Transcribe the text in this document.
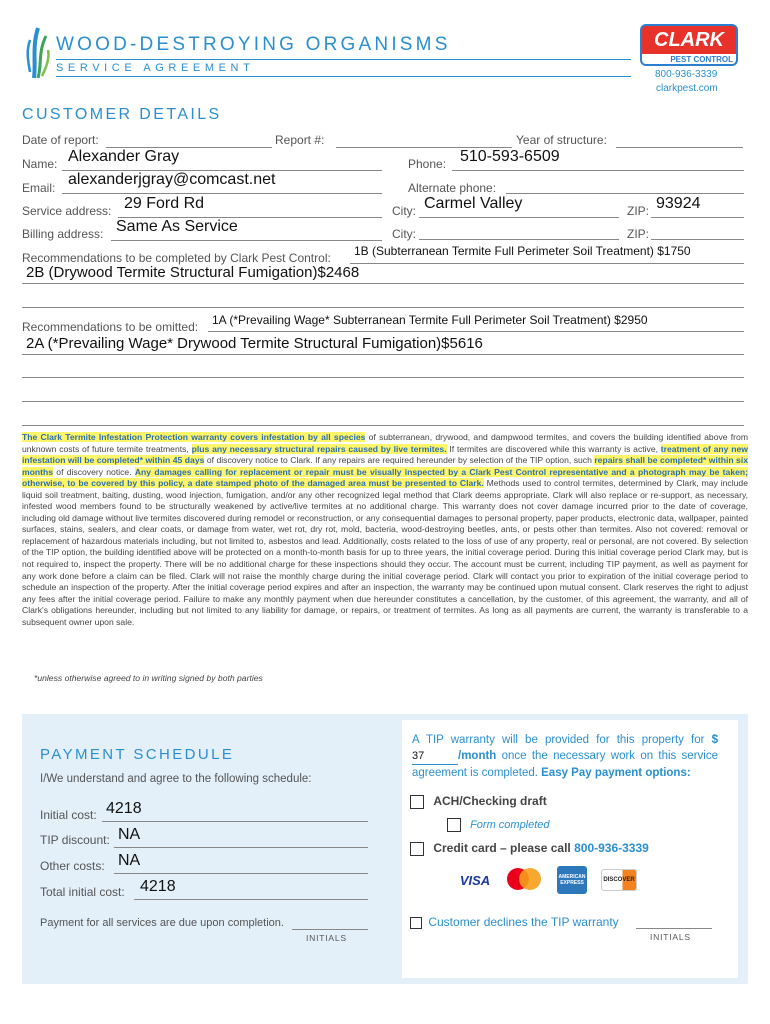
WOOD-DESTROYING ORGANISMS
SERVICE AGREEMENT
CLARK
PEST CONTROL
800-936-3339
clarkpest.com
CUSTOMER DETAILS
Date of report:	Report #:	Year of structure:
Name: Alexander Gray	Phone: 510-593-6509
Email: alexanderjgray@comcast.net	Alternate phone:
Service address: 29 Ford Rd	City: Carmel Valley	ZIP: 93924
Billing address: Same As Service	City:	ZIP:
Recommendations to be completed by Clark Pest Control: 1B (Subterranean Termite Full Perimeter Soil Treatment) $1750
2B (Drywood Termite Structural Fumigation)$2468
Recommendations to be omitted: 1A (*Prevailing Wage* Subterranean Termite Full Perimeter Soil Treatment) $2950
2A (*Prevailing Wage* Drywood Termite Structural Fumigation)$5616
The Clark Termite Infestation Protection warranty covers infestation by all species of subterranean, drywood, and dampwood termites, and covers the building identified above from unknown costs of future termite treatments, plus any necessary structural repairs caused by live termites. If termites are discovered while this warranty is active, treatment of any new infestation will be completed* within 45 days of discovery notice to Clark. If any repairs are required hereunder by selection of the TIP option, such repairs shall be completed* within six months of discovery notice. Any damages calling for replacement or repair must be visually inspected by a Clark Pest Control representative and a photograph may be taken; otherwise, to be covered by this policy, a date stamped photo of the damaged area must be presented to Clark. Methods used to control termites, determined by Clark, may include liquid soil treatment, baiting, dusting, wood injection, fumigation, and/or any other recognized legal method that Clark deems appropriate. Clark will also replace or re-support, as necessary, infested wood members found to be structurally weakened by active/live termites at no additional charge. This warranty does not cover damage incurred prior to the date of coverage, including old damage without live termites discovered during remodel or reconstruction, or any consequential damages to personal property, paper products, electronic data, wallpaper, painted surfaces, stains, sealers, and clear coats, or damage from water, wet rot, dry rot, mold, bacteria, wood-destroying beetles, ants, or pests other than termites. Also not covered: removal or replacement of hazardous materials including, but not limited to, asbestos and lead. Additionally, costs related to the loss of use of any property, real or personal, are not covered. By selection of the TIP option, the building identified above will be protected on a month-to-month basis for up to three years, the initial coverage period. During this initial coverage period Clark may, but is not required to, inspect the property. There will be no additional charge for these inspections should they occur. The account must be current, including TIP payment, as well as payment for any work done before a claim can be filed. Clark will not raise the monthly charge during the initial coverage period. Clark will contact you prior to expiration of the initial coverage period to schedule an inspection of the property. After the initial coverage period expires and after an inspection, the warranty may be continued upon mutual consent. Clark reserves the right to adjust any fees after the initial coverage period. Failure to make any monthly payment when due hereunder constitutes a cancellation, by the customer, of this agreement, the warranty, and all of Clark's obligations hereunder, including but not limited to any liability for damage, or repairs, or treatment of termites. As long as all payments are current, the warranty is transferable to a subsequent owner upon sale.
*unless otherwise agreed to in writing signed by both parties
PAYMENT SCHEDULE
I/We understand and agree to the following schedule:
Initial cost: 4218
TIP discount: NA
Other costs: NA
Total initial cost: 4218
Payment for all services are due upon completion.
INITIALS
A TIP warranty will be provided for this property for $37	/month once the necessary work on this service agreement is completed. Easy Pay payment options:
ACH/Checking draft
Form completed
Credit card – please call 800-936-3339
VISA	AMERICAN EXPRESS	DISCOVER
Customer declines the TIP warranty
INITIALS
